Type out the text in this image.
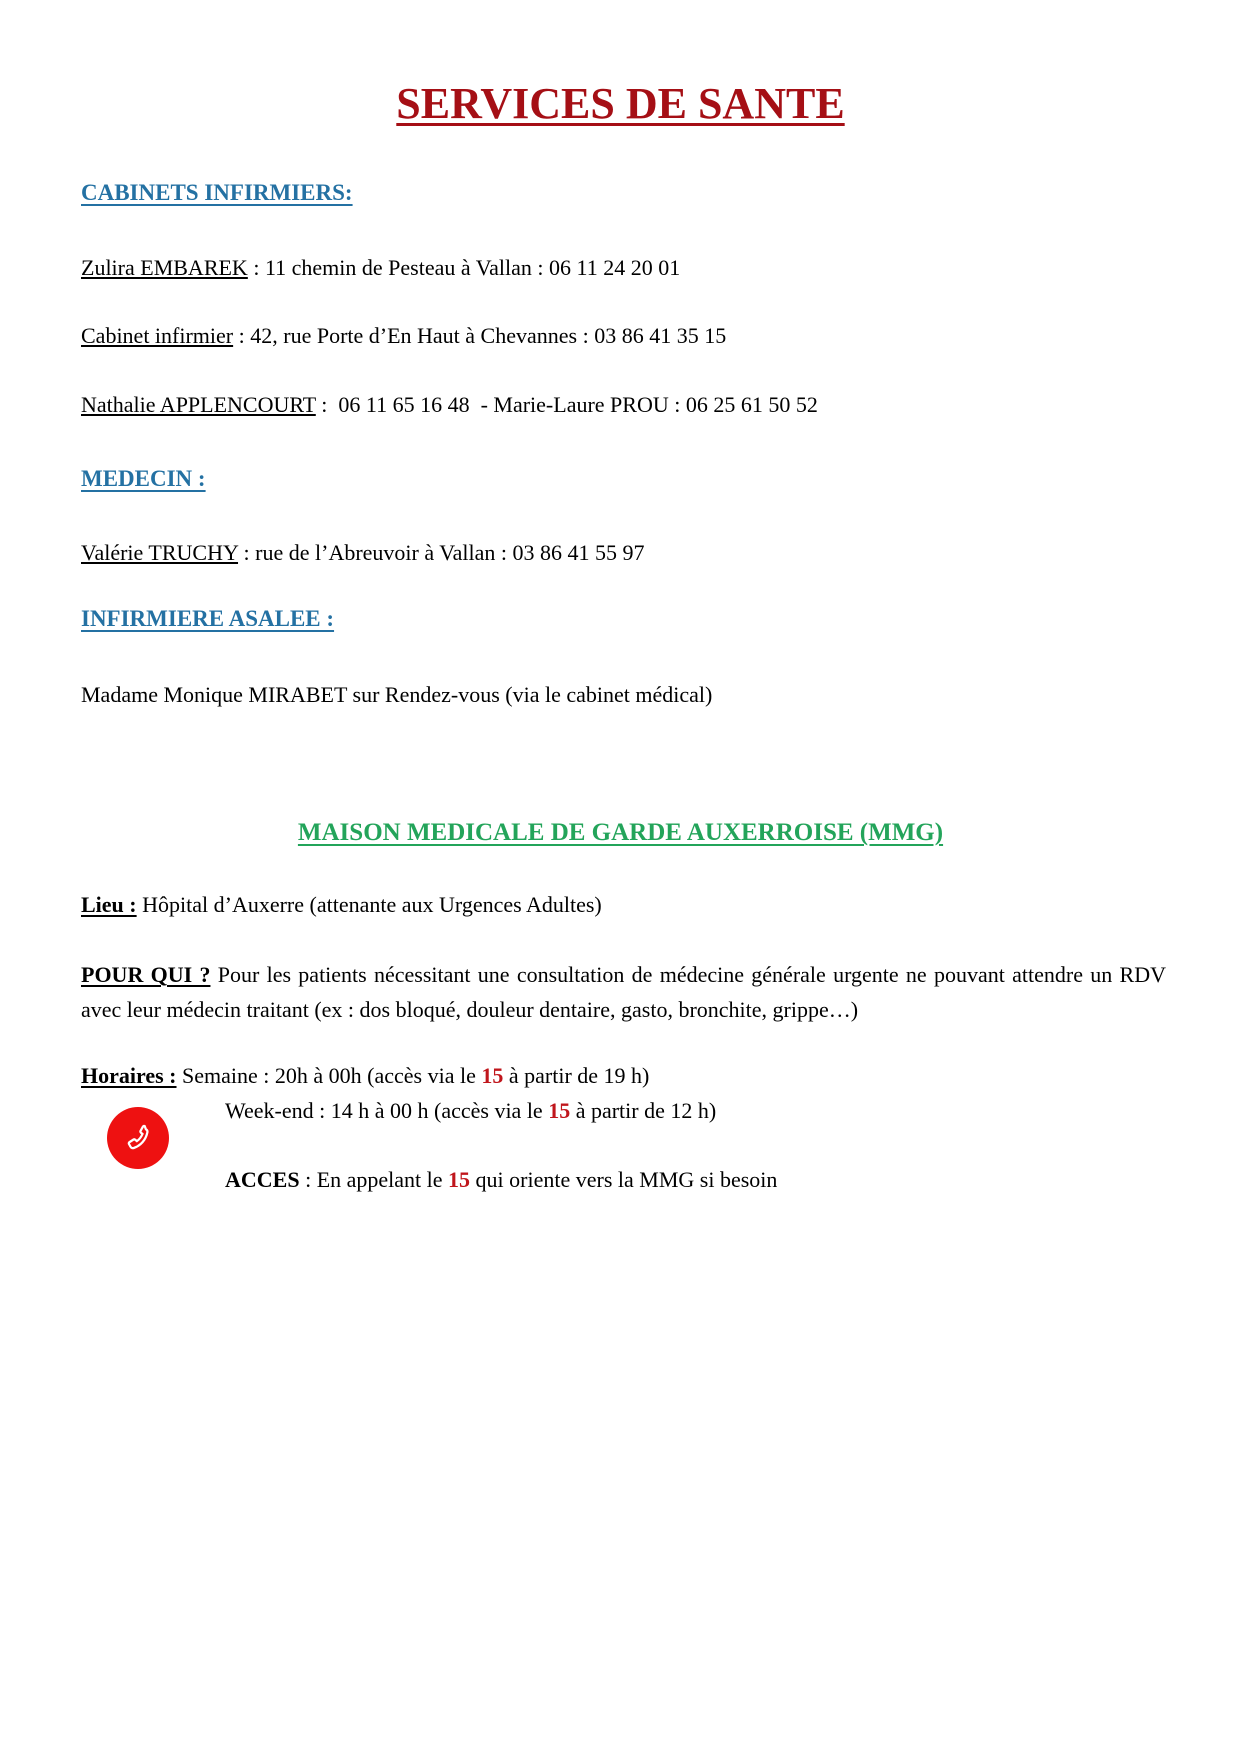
SERVICES DE SANTE
CABINETS INFIRMIERS:
Zulira EMBAREK : 11 chemin de Pesteau à Vallan : 06 11 24 20 01
Cabinet infirmier : 42, rue Porte d’En Haut à Chevannes : 03 86 41 35 15
Nathalie APPLENCOURT :  06 11 65 16 48  - Marie-Laure PROU : 06 25 61 50 52
MEDECIN :
Valérie TRUCHY : rue de l’Abreuvoir à Vallan : 03 86 41 55 97
INFIRMIERE ASALEE :
Madame Monique MIRABET sur Rendez-vous (via le cabinet médical)
MAISON MEDICALE DE GARDE AUXERROISE (MMG)
Lieu : Hôpital d’Auxerre (attenante aux Urgences Adultes)
POUR QUI ? Pour les patients nécessitant une consultation de médecine générale urgente ne pouvant attendre un RDV avec leur médecin traitant (ex : dos bloqué, douleur dentaire, gasto, bronchite, grippe…)
Horaires : Semaine : 20h à 00h (accès via le 15 à partir de 19 h)
Week-end : 14 h à 00 h (accès via le 15 à partir de 12 h)
ACCES : En appelant le 15 qui oriente vers la MMG si besoin
